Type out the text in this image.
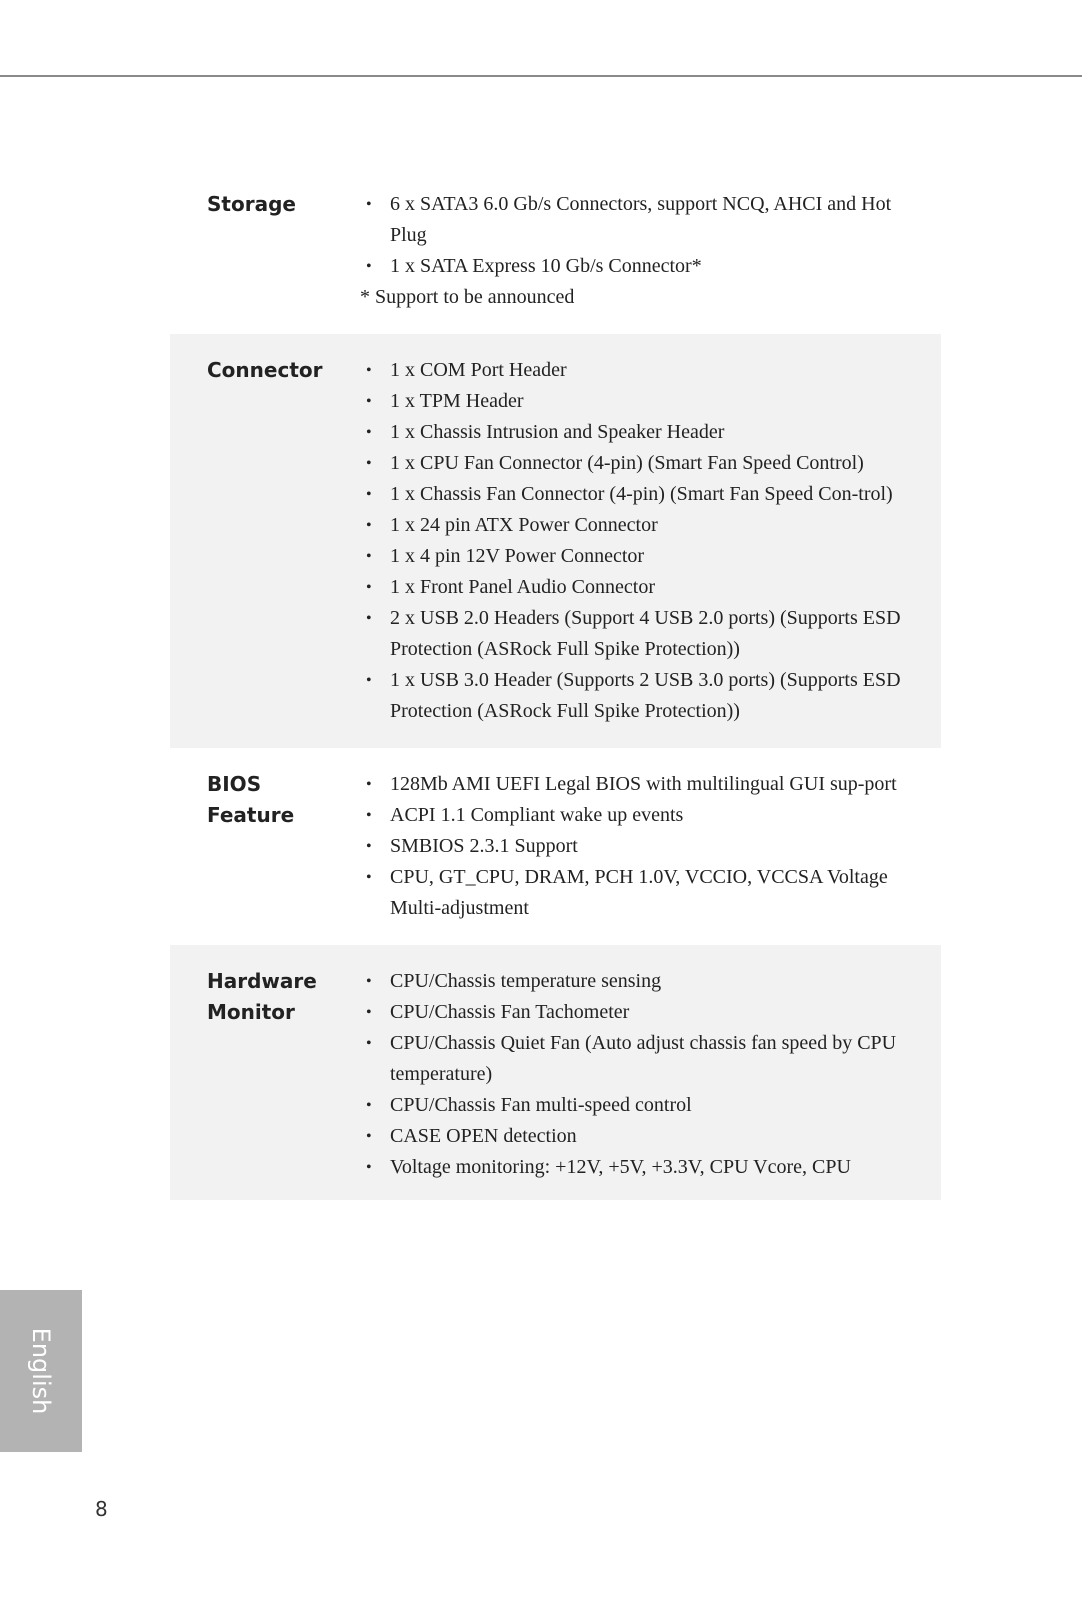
Storage	• 6 x SATA3 6.0 Gb/s Connectors, support NCQ, AHCI and Hot Plug
• 1 x SATA Express 10 Gb/s Connector*

* Support to be announced

Connector	• 1 x COM Port Header
• 1 x TPM Header
• 1 x Chassis Intrusion and Speaker Header
• 1 x CPU Fan Connector (4-pin) (Smart Fan Speed Control)
• 1 x Chassis Fan Connector (4-pin) (Smart Fan Speed Con-trol)
• 1 x 24 pin ATX Power Connector
• 1 x 4 pin 12V Power Connector
• 1 x Front Panel Audio Connector
• 2 x USB 2.0 Headers (Support 4 USB 2.0 ports) (Supports ESD Protection (ASRock Full Spike Protection))
• 1 x USB 3.0 Header (Supports 2 USB 3.0 ports) (Supports ESD Protection (ASRock Full Spike Protection))
BIOS
Feature
• 128Mb AMI UEFI Legal BIOS with multilingual GUI sup-port
• ACPI 1.1 Compliant wake up events
• SMBIOS 2.3.1 Support
• CPU, GT_CPU, DRAM, PCH 1.0V, VCCIO, VCCSA Voltage Multi-adjustment
Hardware
Monitor
• CPU/Chassis temperature sensing
• CPU/Chassis Fan Tachometer
• CPU/Chassis Quiet Fan (Auto adjust chassis fan speed by CPU temperature)
• CPU/Chassis Fan multi-speed control
• CASE OPEN detection
• Voltage monitoring: +12V, +5V, +3.3V, CPU Vcore, CPU
English
8
